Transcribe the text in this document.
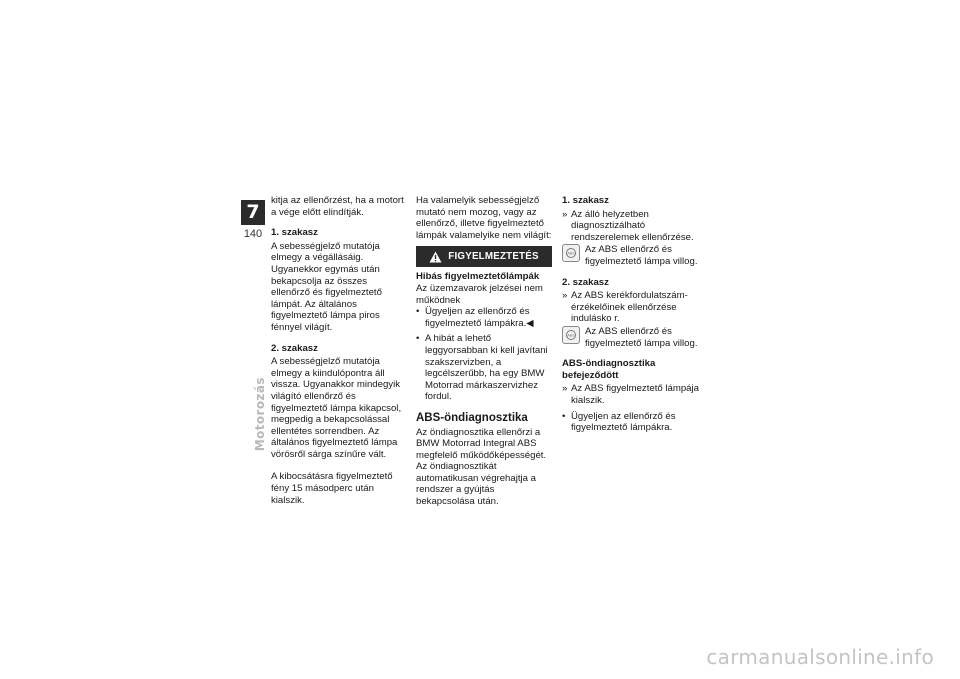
7
140
Motorozás

kitja az ellenőrzést, ha a motort a vége előtt elindítják.

1. szakasz

A sebességjelző mutatója elmegy a végállásáig. Ugyanekkor egymás után bekapcsolja az összes ellenőrző és figyelmeztető lámpát. Az általános figyelmeztető lámpa piros fénnyel világít.

2. szakasz

A sebességjelző mutatója elmegy a kiindulópontra áll vissza. Ugyanakkor mindegyik világító ellenőrző és figyelmeztető lámpa kikapcsol, megpedig a bekapcsolással ellentétes sorrendben. Az általános figyelmeztető lámpa vörösről sárga színűre vált.

A kibocsátásra figyelmeztető fény 15 másodperc után kialszik.

Ha valamelyik sebességjelző mutató nem mozog, vagy az ellenőrző, illetve figyelmeztető lámpák valamelyike nem világít:

FIGYELMEZTETÉS

Hibás figyelmeztetőlámpák

Az üzemzavarok jelzései nem működnek

• Ügyeljen az ellenőrző és figyelmeztető lámpákra.◀
• A hibát a lehető leggyorsabban ki kell javítani szakszervizben, a legcélszerűbb, ha egy BMW Motorrad márkaszervizhez fordul.

ABS-öndiagnosztika

Az öndiagnosztika ellenőrzi a BMW Motorrad Integral ABS megfelelő működőképességét.

Az öndiagnosztikát automatikusan végrehajtja a rendszer a gyújtás bekapcsolása után.

1. szakasz

» Az álló helyzetben diagnosztizálható rendszerelemek ellenőrzése.
ABS Az ABS ellenőrző és figyelmeztető lámpa villog.

2. szakasz

» Az ABS kerékfordulatszám-érzékelőinek ellenőrzése indulásko r.
ABS Az ABS ellenőrző és figyelmeztető lámpa villog.

ABS-öndiagnosztika befejeződött

» Az ABS figyelmeztető lámpája kialszik.
• Ügyeljen az ellenőrző és figyelmeztető lámpákra.
carmanualsonline.info
